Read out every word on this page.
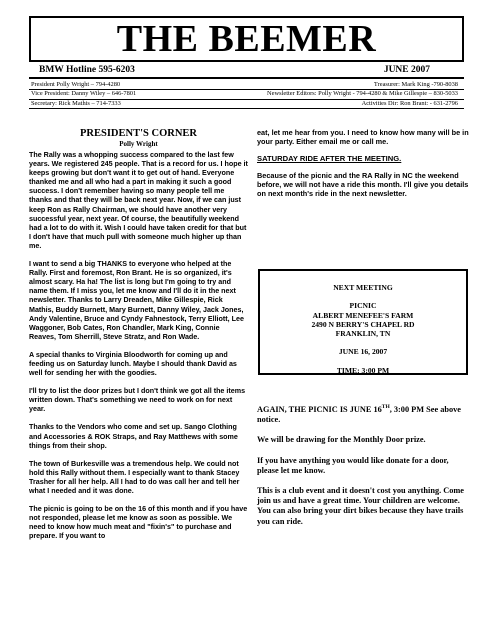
THE BEEMER
BMW Hotline 595-6203	JUNE 2007
President Polly Wright – 794-4280	Treasurer: Mark King -790-8038
Vice President: Danny Wiley – 646-7801	Newsletter Editors: Polly Wright - 794-4280 & Mike Gillespie – 830-5033
Secretary: Rick Mathis – 714-7333	Activities Dir: Ron Brant: - 631-2796
PRESIDENT'S CORNER
Polly Wright

The Rally was a whopping success compared to the last few years. We registered 245 people. That is a record for us. I hope it keeps growing but don't want it to get out of hand. Everyone thanked me and all who had a part in making it such a good success. I don't remember having so many people tell me thanks and that they will be back next year. Now, if we can just keep Ron as Rally Chairman, we should have another very successful year, next year. Of course, the beautifully weekend had a lot to do with it. Wish I could have taken credit for that but I don't have that much pull with someone much higher up than me.

I want to send a big THANKS to everyone who helped at the Rally. First and foremost, Ron Brant. He is so organized, it's almost scary. Ha ha! The list is long but I'm going to try and name them. If I miss you, let me know and I'll do it in the next newsletter. Thanks to Larry Dreaden, Mike Gillespie, Rick Mathis, Buddy Burnett, Mary Burnett, Danny Wiley, Jack Jones, Andy Valentine, Bruce and Cyndy Fahnestock, Terry Elliott, Lee Waggoner, Bob Cates, Ron Chandler, Mark King, Connie Reaves, Tom Sherrill, Steve Stratz, and Ron Wade.

A special thanks to Virginia Bloodworth for coming up and feeding us on Saturday lunch. Maybe I should thank David as well for sending her with the goodies.

I'll try to list the door prizes but I don't think we got all the items written down. That's something we need to work on for next year.

Thanks to the Vendors who come and set up. Sango Clothing and Accessories & ROK Straps, and Ray Matthews with some things from their shop.

The town of Burkesville was a tremendous help. We could not hold this Rally without them. I especially want to thank Stacey Trasher for all her help. All I had to do was call her and tell her what I needed and it was done.

The picnic is going to be on the 16 of this month and if you have not responded, please let me know as soon as possible. We need to know how much meat and "fixin's" to purchase and prepare. If you want to

eat, let me hear from you. I need to know how many will be in your party. Either email me or call me.

SATURDAY RIDE AFTER THE MEETING.

Because of the picnic and the RA Rally in NC the weekend before, we will not have a ride this month. I'll give you details on next month's ride in the next newsletter.

NEXT MEETING
PICNIC
ALBERT MENEFEE'S FARM
2490 N BERRY'S CHAPEL RD
FRANKLIN, TN
JUNE 16, 2007
TIME: 3:00 PM

AGAIN, THE PICNIC IS JUNE 16TH, 3:00 PM See above notice.

We will be drawing for the Monthly Door prize.

If you have anything you would like donate for a door, please let me know.

This is a club event and it doesn't cost you anything. Come join us and have a great time. Your children are welcome. You can also bring your dirt bikes because they have trails you can ride.
